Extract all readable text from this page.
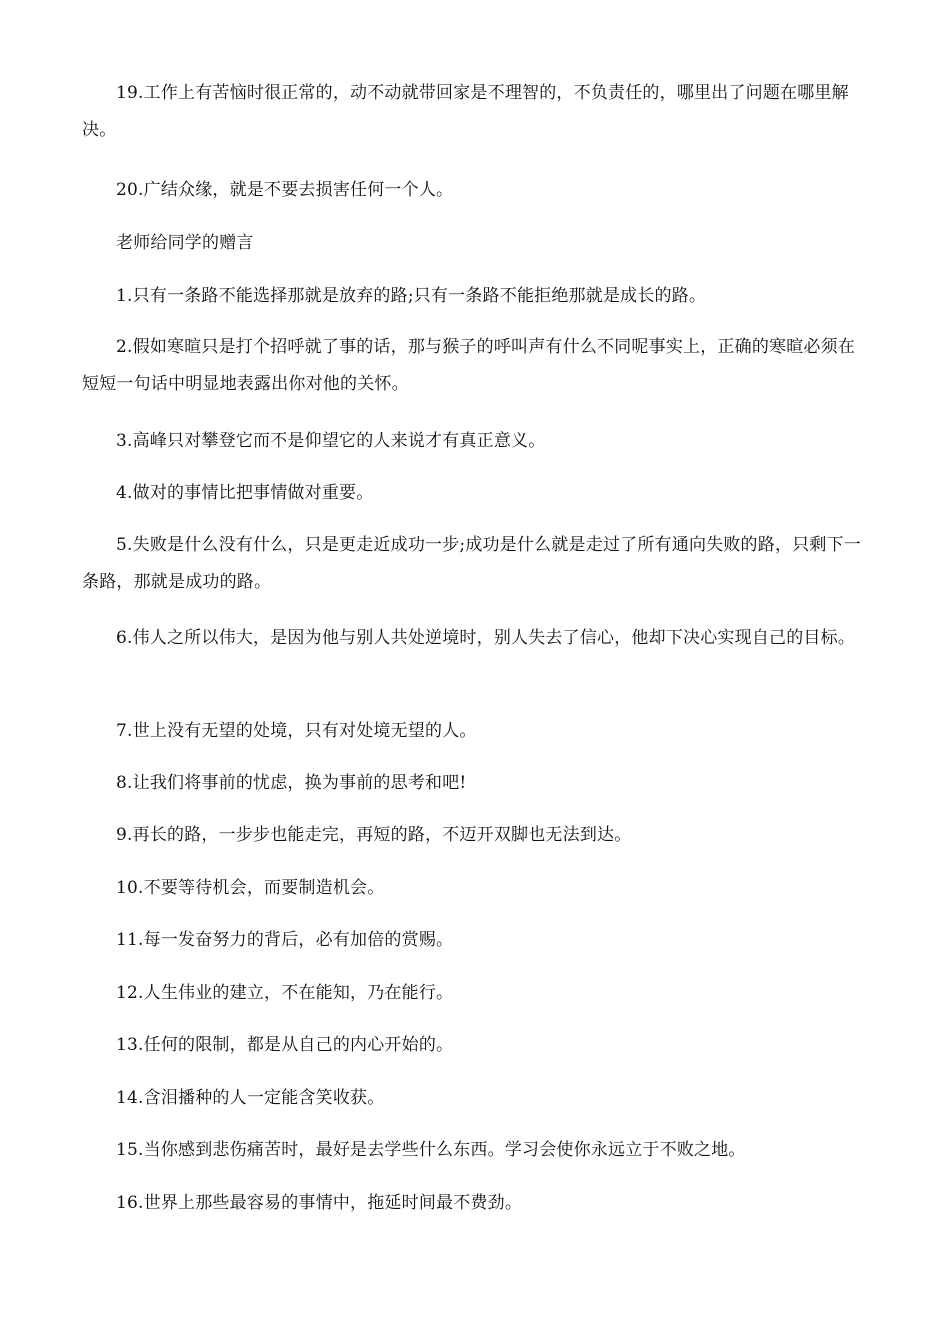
19.工作上有苦恼时很正常的，动不动就带回家是不理智的，不负责任的，哪里出了问题在哪里解决。

20.广结众缘，就是不要去损害任何一个人。

老师给同学的赠言

1.只有一条路不能选择那就是放弃的路;只有一条路不能拒绝那就是成长的路。

2.假如寒暄只是打个招呼就了事的话，那与猴子的呼叫声有什么不同呢事实上，正确的寒暄必须在短短一句话中明显地表露出你对他的关怀。

3.高峰只对攀登它而不是仰望它的人来说才有真正意义。

4.做对的事情比把事情做对重要。

5.失败是什么没有什么，只是更走近成功一步;成功是什么就是走过了所有通向失败的路，只剩下一条路，那就是成功的路。

6.伟人之所以伟大，是因为他与别人共处逆境时，别人失去了信心，他却下决心实现自己的目标。

7.世上没有无望的处境，只有对处境无望的人。

8.让我们将事前的忧虑，换为事前的思考和吧!

9.再长的路，一步步也能走完，再短的路，不迈开双脚也无法到达。

10.不要等待机会，而要制造机会。

11.每一发奋努力的背后，必有加倍的赏赐。

12.人生伟业的建立，不在能知，乃在能行。

13.任何的限制，都是从自己的内心开始的。

14.含泪播种的人一定能含笑收获。

15.当你感到悲伤痛苦时，最好是去学些什么东西。学习会使你永远立于不败之地。

16.世界上那些最容易的事情中，拖延时间最不费劲。
